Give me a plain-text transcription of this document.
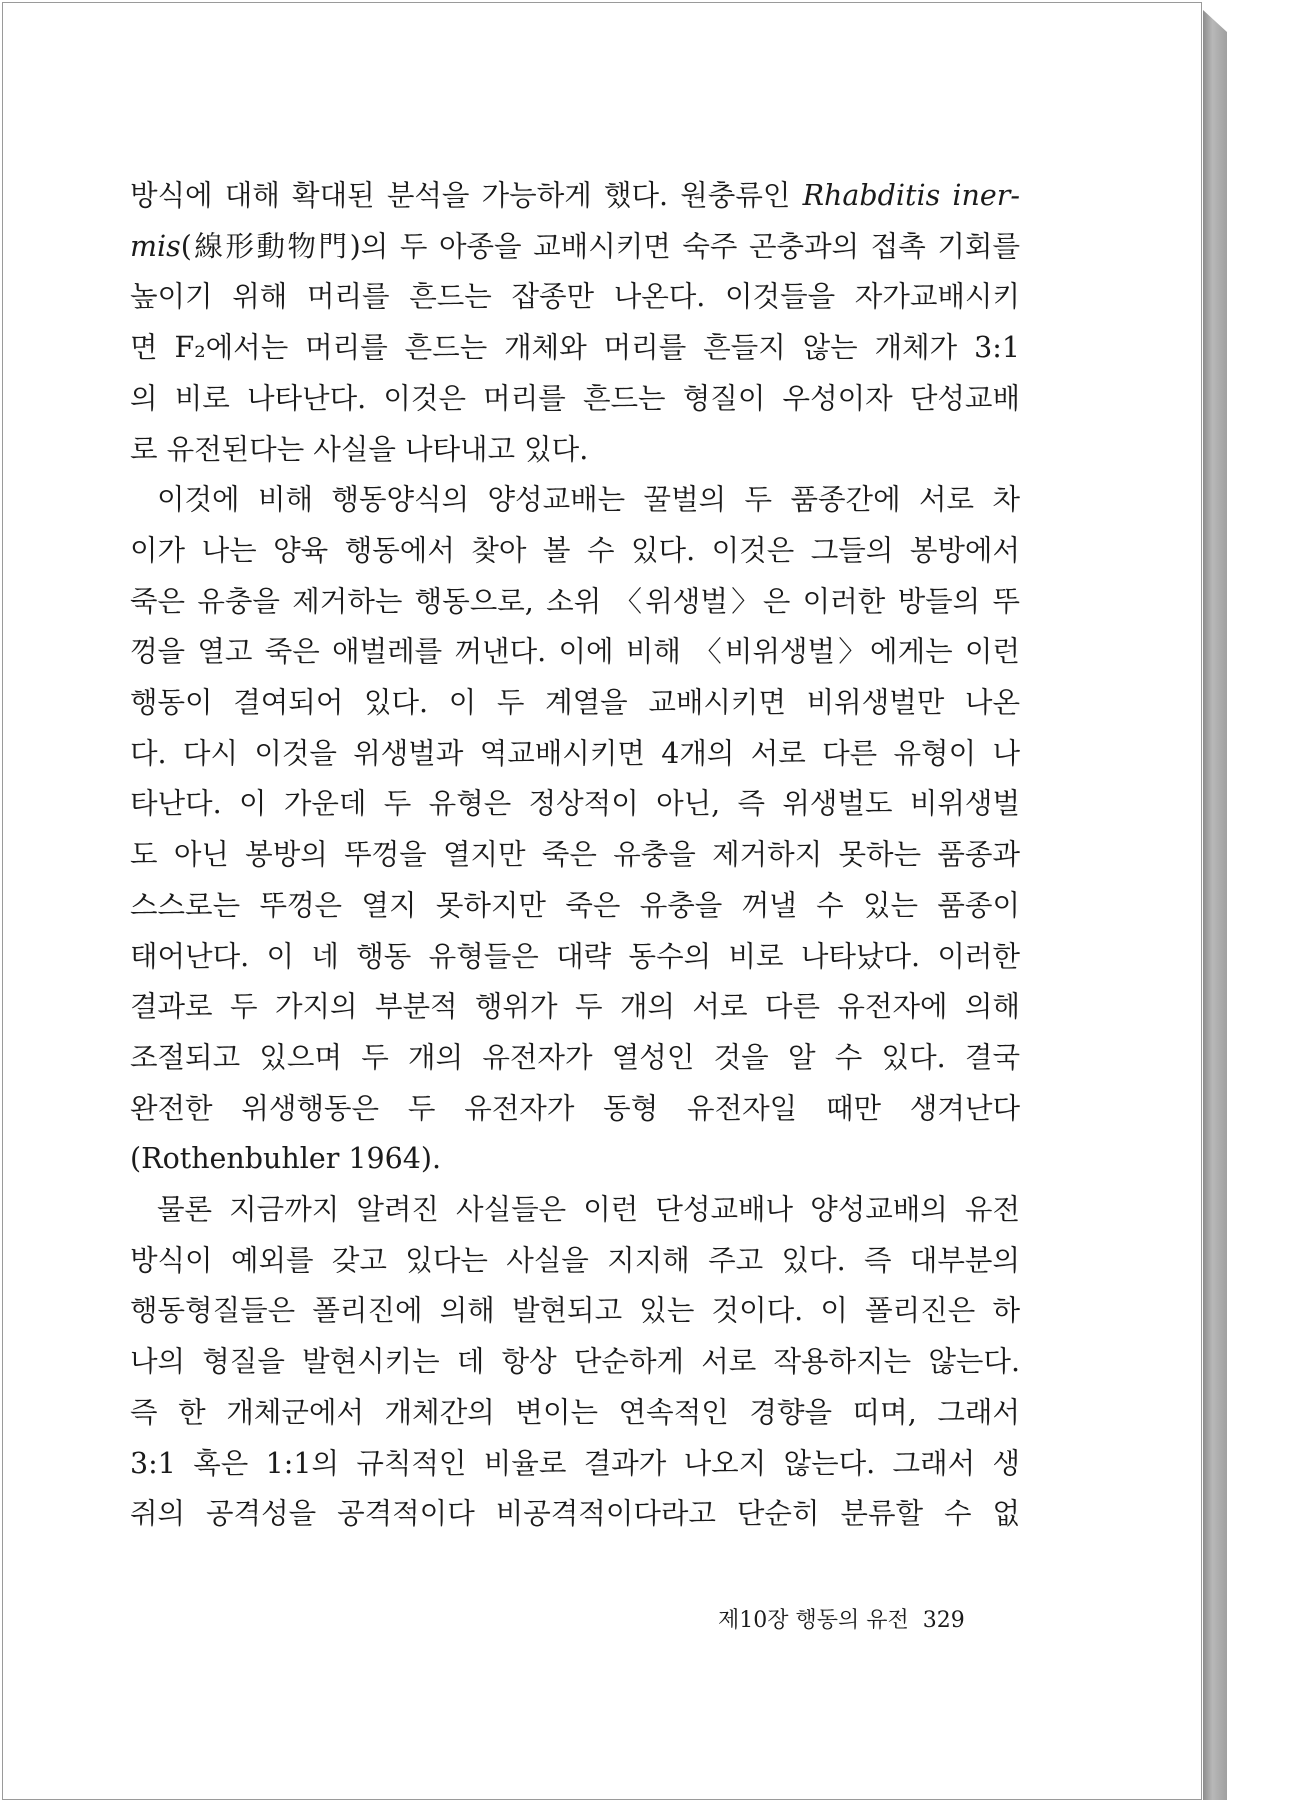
방식에 대해 확대된 분석을 가능하게 했다. 원충류인 Rhabditis iner-
mis(線形動物門)의 두 아종을 교배시키면 숙주 곤충과의 접촉 기회를
높이기 위해 머리를 흔드는 잡종만 나온다. 이것들을 자가교배시키
면 F₂에서는 머리를 흔드는 개체와 머리를 흔들지 않는 개체가 3:1
의 비로 나타난다. 이것은 머리를 흔드는 형질이 우성이자 단성교배
로 유전된다는 사실을 나타내고 있다.

이것에 비해 행동양식의 양성교배는 꿀벌의 두 품종간에 서로 차
이가 나는 양육 행동에서 찾아 볼 수 있다. 이것은 그들의 봉방에서
죽은 유충을 제거하는 행동으로, 소위 〈위생벌〉은 이러한 방들의 뚜
껑을 열고 죽은 애벌레를 꺼낸다. 이에 비해 〈비위생벌〉에게는 이런
행동이 결여되어 있다. 이 두 계열을 교배시키면 비위생벌만 나온
다. 다시 이것을 위생벌과 역교배시키면 4개의 서로 다른 유형이 나
타난다. 이 가운데 두 유형은 정상적이 아닌, 즉 위생벌도 비위생벌
도 아닌 봉방의 뚜껑을 열지만 죽은 유충을 제거하지 못하는 품종과
스스로는 뚜껑은 열지 못하지만 죽은 유충을 꺼낼 수 있는 품종이
태어난다. 이 네 행동 유형들은 대략 동수의 비로 나타났다. 이러한
결과로 두 가지의 부분적 행위가 두 개의 서로 다른 유전자에 의해
조절되고 있으며 두 개의 유전자가 열성인 것을 알 수 있다. 결국
완전한 위생행동은 두 유전자가 동형 유전자일 때만 생겨난다
(Rothenbuhler 1964).

물론 지금까지 알려진 사실들은 이런 단성교배나 양성교배의 유전
방식이 예외를 갖고 있다는 사실을 지지해 주고 있다. 즉 대부분의
행동형질들은 폴리진에 의해 발현되고 있는 것이다. 이 폴리진은 하
나의 형질을 발현시키는 데 항상 단순하게 서로 작용하지는 않는다.
즉 한 개체군에서 개체간의 변이는 연속적인 경향을 띠며, 그래서
3:1 혹은 1:1의 규칙적인 비율로 결과가 나오지 않는다. 그래서 생
쥐의 공격성을 공격적이다 비공격적이다라고 단순히 분류할 수 없

제10장 행동의 유전 329
